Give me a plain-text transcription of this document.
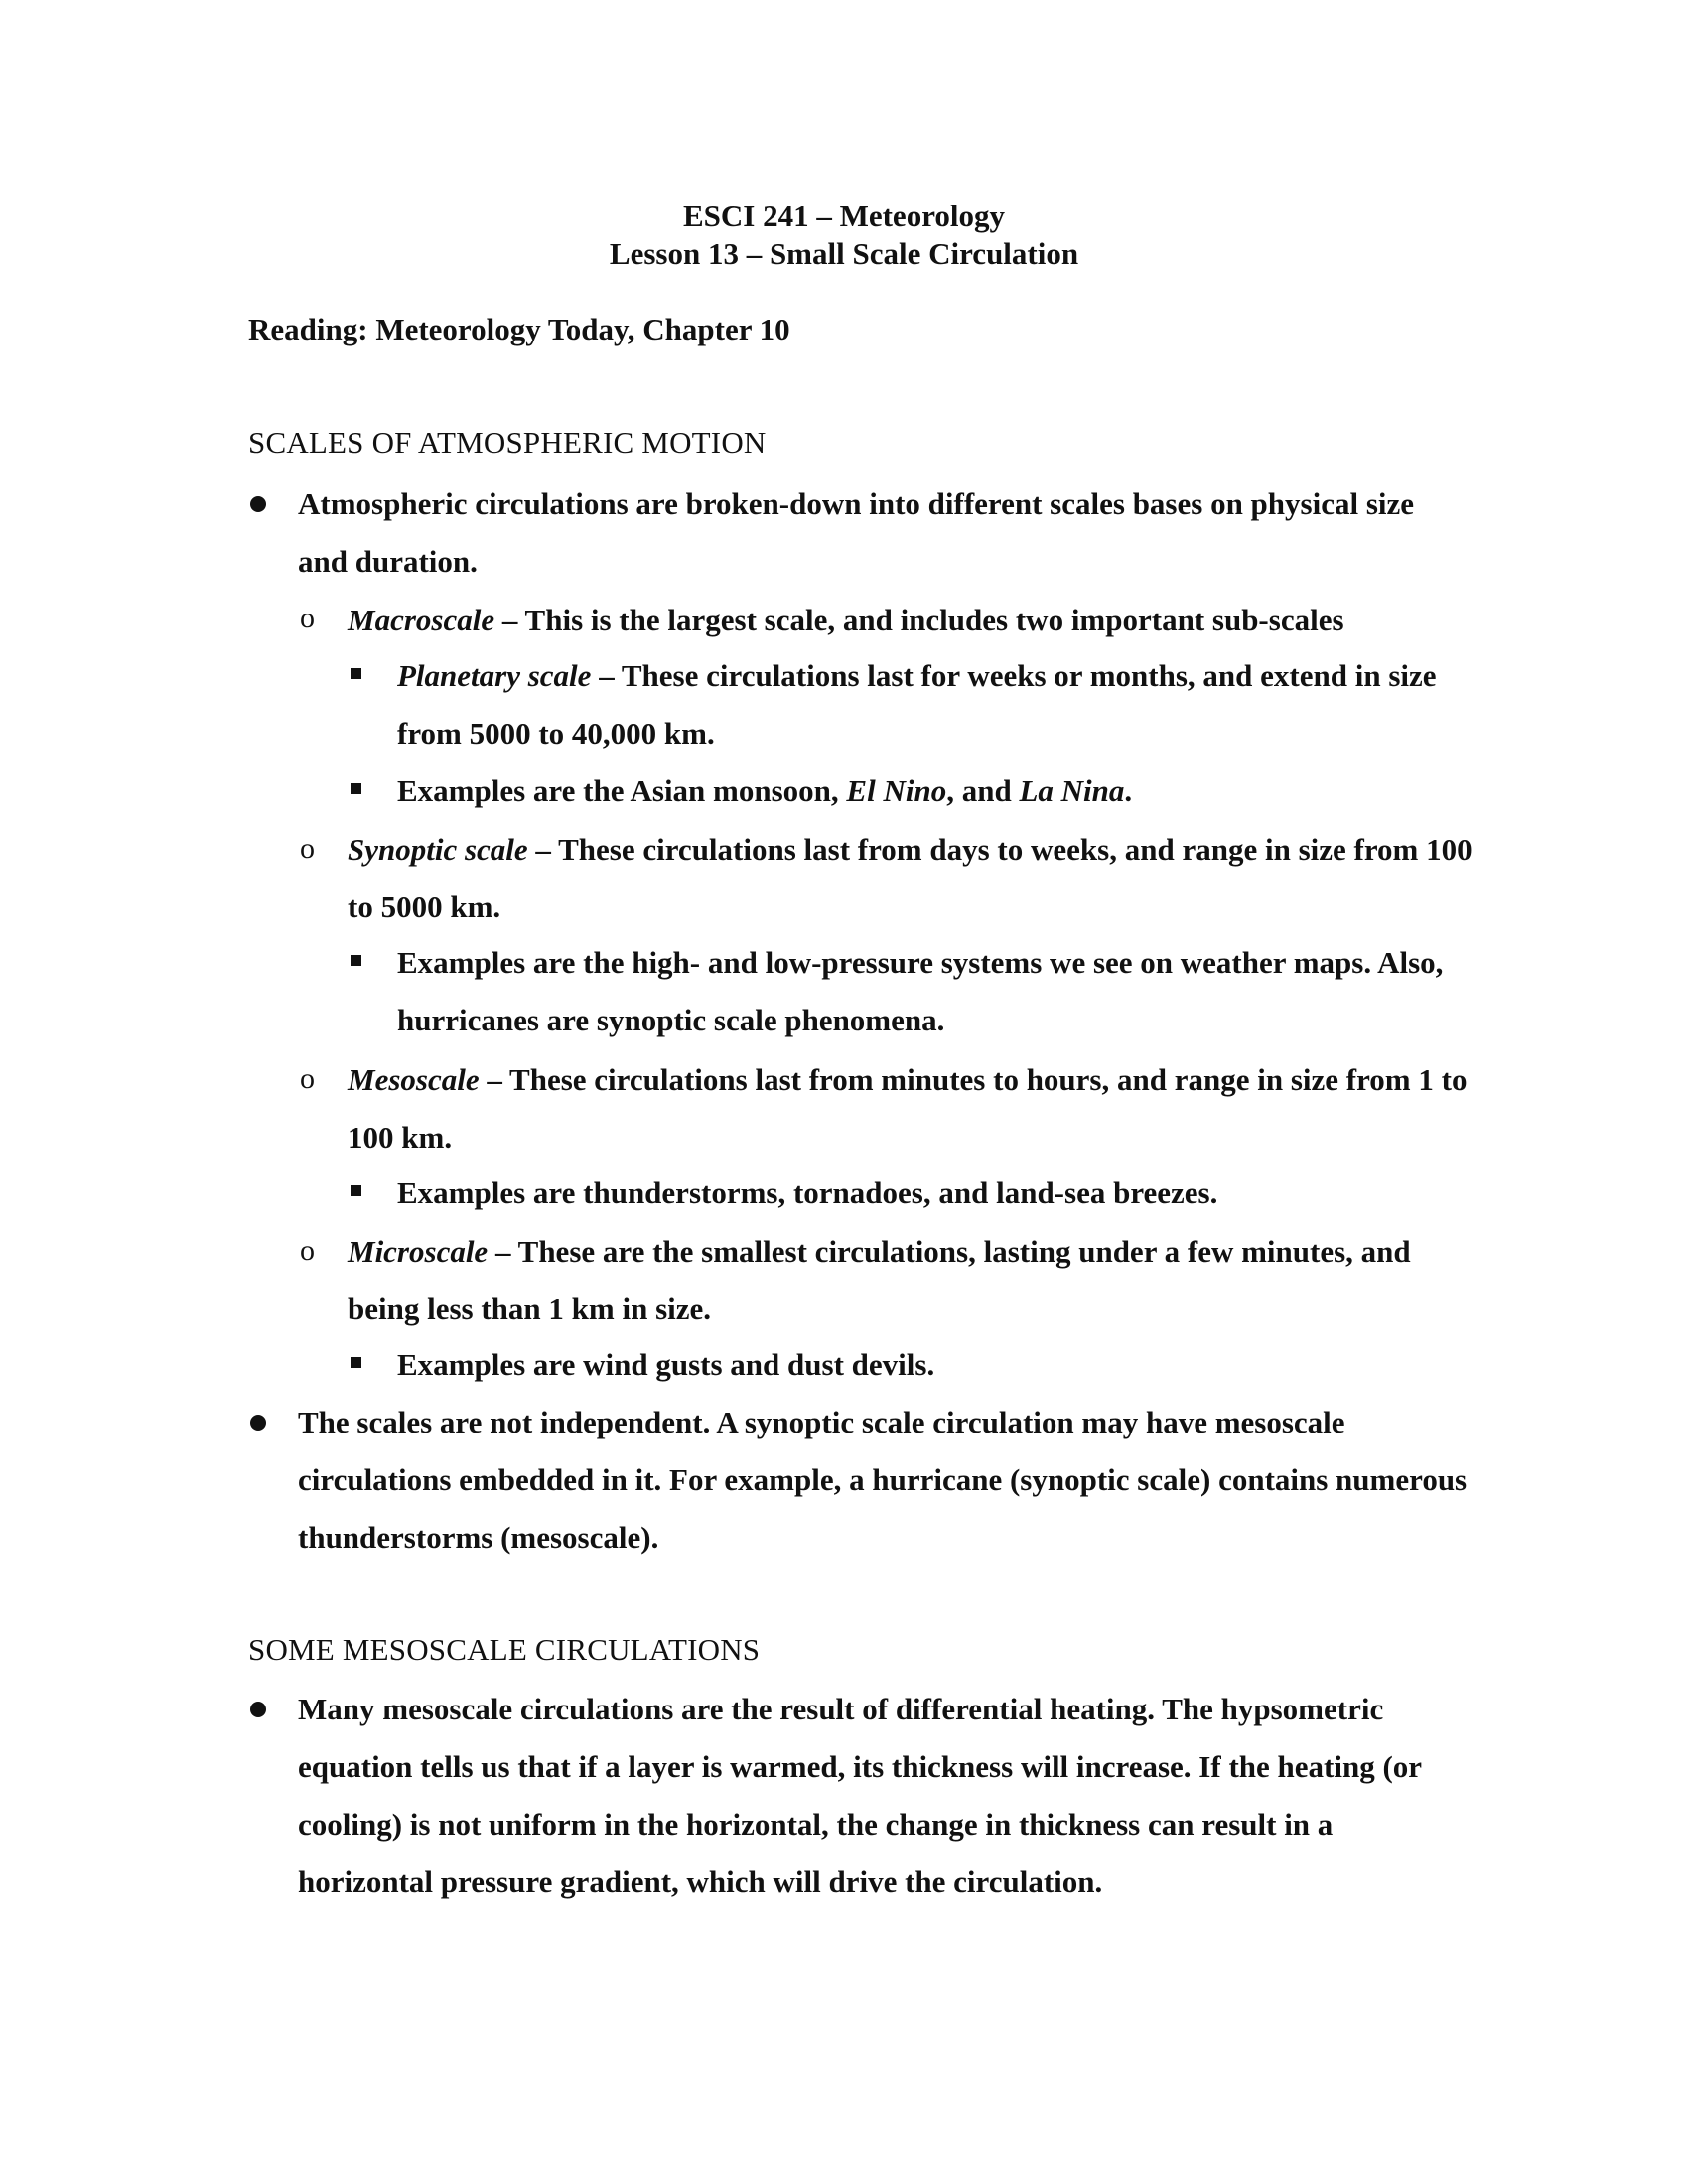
ESCI 241 – Meteorology
Lesson 13 – Small Scale Circulation
Reading: Meteorology Today, Chapter 10
SCALES OF ATMOSPHERIC MOTION
Atmospheric circulations are broken-down into different scales bases on physical size and duration.
o Macroscale – This is the largest scale, and includes two important sub-scales
Planetary scale – These circulations last for weeks or months, and extend in size from 5000 to 40,000 km.
Examples are the Asian monsoon, El Nino, and La Nina.
o Synoptic scale – These circulations last from days to weeks, and range in size from 100 to 5000 km.
Examples are the high- and low-pressure systems we see on weather maps. Also, hurricanes are synoptic scale phenomena.
o Mesoscale – These circulations last from minutes to hours, and range in size from 1 to 100 km.
Examples are thunderstorms, tornadoes, and land-sea breezes.
o Microscale – These are the smallest circulations, lasting under a few minutes, and being less than 1 km in size.
Examples are wind gusts and dust devils.
The scales are not independent. A synoptic scale circulation may have mesoscale circulations embedded in it. For example, a hurricane (synoptic scale) contains numerous thunderstorms (mesoscale).
SOME MESOSCALE CIRCULATIONS
Many mesoscale circulations are the result of differential heating. The hypsometric equation tells us that if a layer is warmed, its thickness will increase. If the heating (or cooling) is not uniform in the horizontal, the change in thickness can result in a horizontal pressure gradient, which will drive the circulation.
